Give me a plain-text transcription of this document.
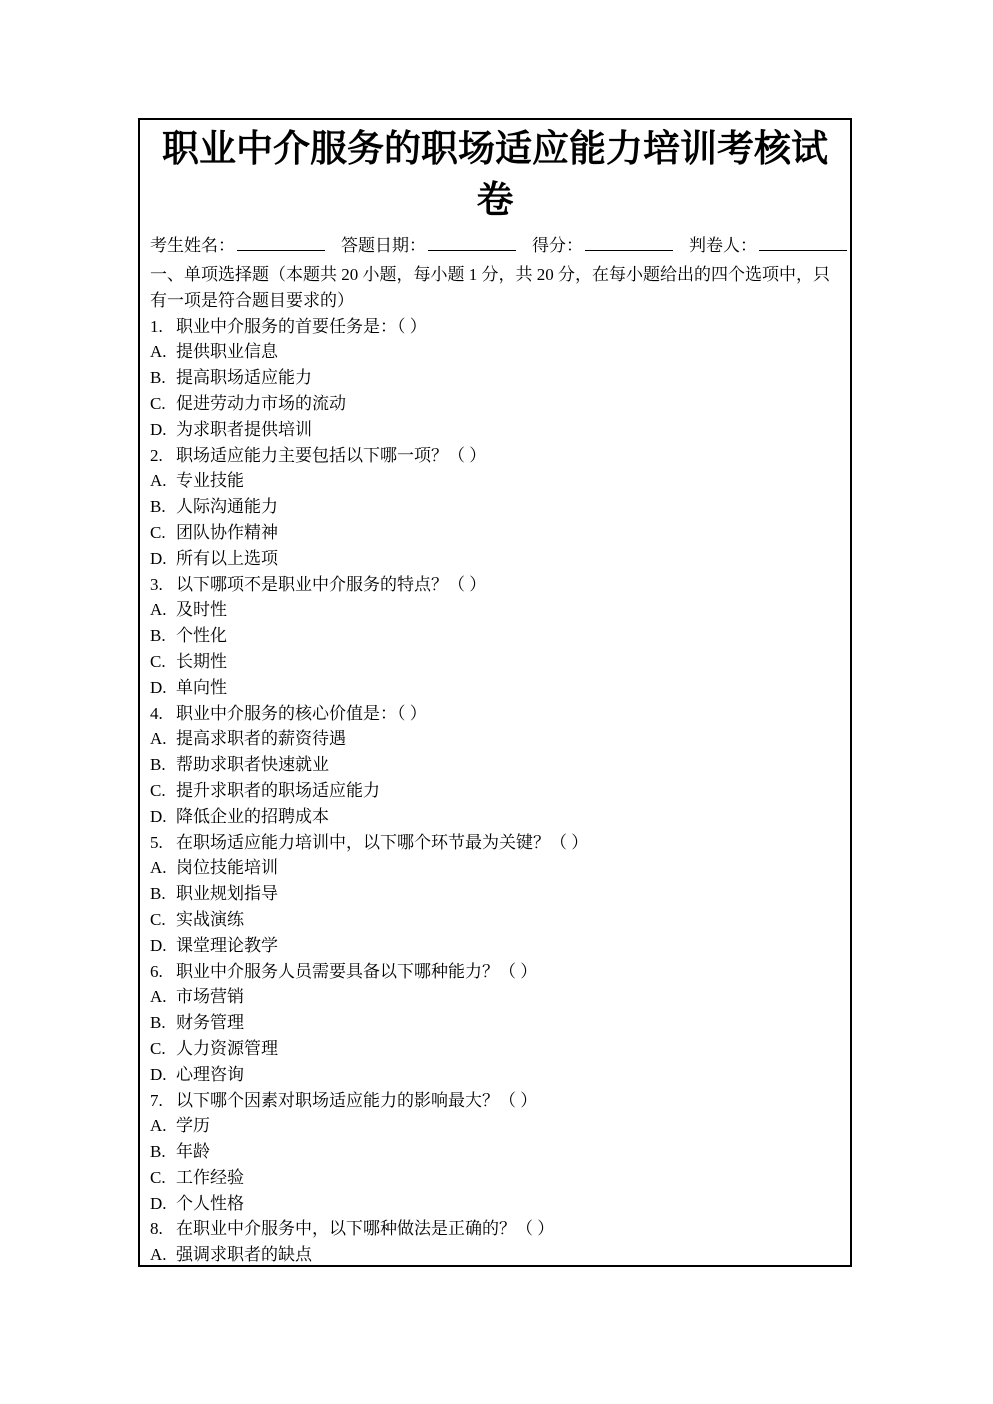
职业中介服务的职场适应能力培训考核试卷
考生姓名：	答题日期：	得分：	判卷人：
一、单项选择题（本题共 20 小题，每小题 1 分，共 20 分，在每小题给出的四个选项中，只有一项是符合题目要求的）
1. 职业中介服务的首要任务是：（ ）
A. 提供职业信息
B. 提高职场适应能力
C. 促进劳动力市场的流动
D. 为求职者提供培训
2. 职场适应能力主要包括以下哪一项？（ ）
A. 专业技能
B. 人际沟通能力
C. 团队协作精神
D. 所有以上选项
3. 以下哪项不是职业中介服务的特点？（ ）
A. 及时性
B. 个性化
C. 长期性
D. 单向性
4. 职业中介服务的核心价值是：（ ）
A. 提高求职者的薪资待遇
B. 帮助求职者快速就业
C. 提升求职者的职场适应能力
D. 降低企业的招聘成本
5. 在职场适应能力培训中，以下哪个环节最为关键？（ ）
A. 岗位技能培训
B. 职业规划指导
C. 实战演练
D. 课堂理论教学
6. 职业中介服务人员需要具备以下哪种能力？（ ）
A. 市场营销
B. 财务管理
C. 人力资源管理
D. 心理咨询
7. 以下哪个因素对职场适应能力的影响最大？（ ）
A. 学历
B. 年龄
C. 工作经验
D. 个人性格
8. 在职业中介服务中，以下哪种做法是正确的？（ ）
A. 强调求职者的缺点
